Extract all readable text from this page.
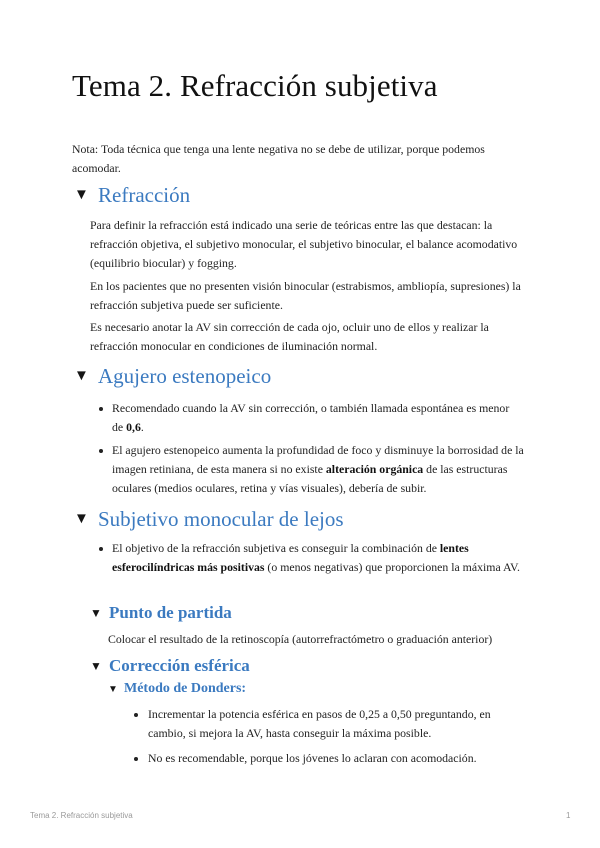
Tema 2. Refracción subjetiva

Nota: Toda técnica que tenga una lente negativa no se debe de utilizar, porque podemos acomodar.

▼ Refracción

Para definir la refracción está indicado una serie de teóricas entre las que destacan: la refracción objetiva, el subjetivo monocular, el subjetivo binocular, el balance acomodativo (equilibrio biocular) y fogging.

En los pacientes que no presenten visión binocular (estrabismos, ambliopía, supresiones) la refracción subjetiva puede ser suficiente.

Es necesario anotar la AV sin corrección de cada ojo, ocluir uno de ellos y realizar la refracción monocular en condiciones de iluminación normal.

▼ Agujero estenopeico

Recomendado cuando la AV sin corrección, o también llamada espontánea es menor de 0,6.

El agujero estenopeico aumenta la profundidad de foco y disminuye la borrosidad de la imagen retiniana, de esta manera si no existe alteración orgánica de las estructuras oculares (medios oculares, retina y vías visuales), debería de subir.

▼ Subjetivo monocular de lejos

El objetivo de la refracción subjetiva es conseguir la combinación de lentes esferocilíndricas más positivas (o menos negativas) que proporcionen la máxima AV.

▼ Punto de partida

Colocar el resultado de la retinoscopía (autorrefractómetro o graduación anterior)

▼ Corrección esférica
▼ Método de Donders:

Incrementar la potencia esférica en pasos de 0,25 a 0,50 preguntando, en cambio, si mejora la AV, hasta conseguir la máxima posible.

No es recomendable, porque los jóvenes lo aclaran con acomodación.

Tema 2. Refracción subjetiva	1
